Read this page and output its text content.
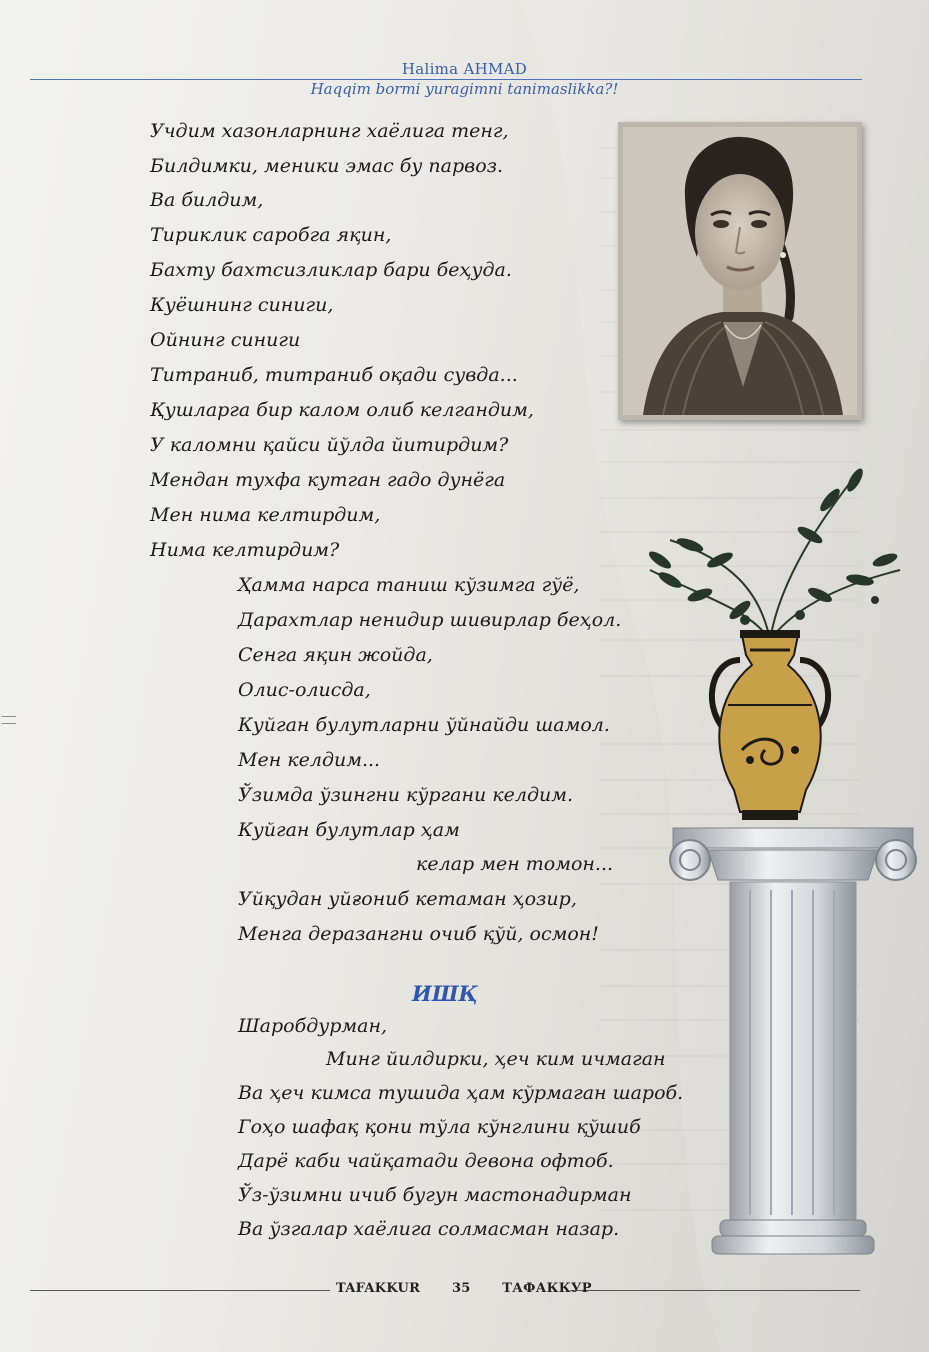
Halima AHMAD
Haqqim bormi yuragimni tanimaslikka?!
Учдим хазонларнинг хаёлига тенг,
Билдимки, меники эмас бу парвоз.
Ва билдим,
Тириклик саробга яқин,
Бахту бахтсизликлар бари беҳуда.
Куёшнинг синиги,
Ойнинг синиги
Титраниб, титраниб оқади сувда...
Қушларга бир калом олиб келгандим,
У каломни қайси йўлда йитирдим?
Мендан тухфа кутган гадо дунёга
Мен нима келтирдим,
Нима келтирдим?
Ҳамма нарса таниш кўзимга гўё,
Дарахтлар ненидир шивирлар беҳол.
Сенга яқин жойда,
Олис-олисда,
Куйган булутларни ўйнайди шамол.
Мен келдим...
Ўзимда ўзингни кўргани келдим.
Куйган булутлар ҳам
келар мен томон...
Уйқудан уйғониб кетаман ҳозир,
Менга деразангни очиб қўй, осмон!
ИШҚ
Шаробдурман,
Минг йилдирки, ҳеч ким ичмаган
Ва ҳеч кимса тушида ҳам кўрмаган шароб.
Гоҳо шафақ қони тўла кўнглини қўшиб
Дарё каби чайқатади девона офтоб.
Ўз-ўзимни ичиб бугун мастонадирман
Ва ўзгалар хаёлига солмасман назар.
TAFAKKUR 35 ТАФАККУР
